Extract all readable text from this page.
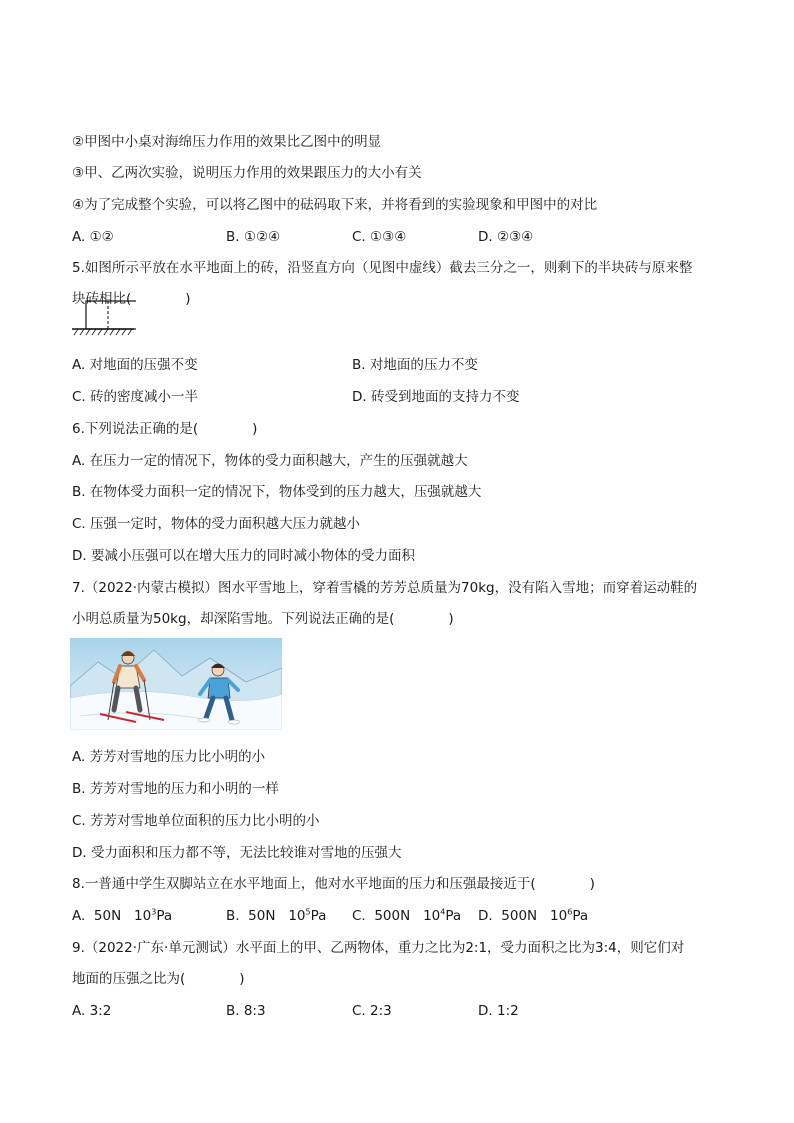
②甲图中小桌对海绵压力作用的效果比乙图中的明显
③甲、乙两次实验，说明压力作用的效果跟压力的大小有关
④为了完成整个实验，可以将乙图中的砝码取下来，并将看到的实验现象和甲图中的对比
A. ①②	B. ①②④	C. ①③④	D. ②③④
5.如图所示平放在水平地面上的砖，沿竖直方向（见图中虚线）截去三分之一，则剩下的半块砖与原来整
块砖相比(　　　　)
A. 对地面的压强不变	B. 对地面的压力不变
C. 砖的密度减小一半	D. 砖受到地面的支持力不变
6.下列说法正确的是(　　　　)
A. 在压力一定的情况下，物体的受力面积越大，产生的压强就越大
B. 在物体受力面积一定的情况下，物体受到的压力越大，压强就越大
C. 压强一定时，物体的受力面积越大压力就越小
D. 要减小压强可以在增大压力的同时减小物体的受力面积
7.（2022·内蒙古模拟）图水平雪地上，穿着雪橇的芳芳总质量为70kg，没有陷入雪地；而穿着运动鞋的
小明总质量为50kg，却深陷雪地。下列说法正确的是(　　　　)
A. 芳芳对雪地的压力比小明的小
B. 芳芳对雪地的压力和小明的一样
C. 芳芳对雪地单位面积的压力比小明的小
D. 受力面积和压力都不等，无法比较谁对雪地的压强大
8.一普通中学生双脚站立在水平地面上，他对水平地面的压力和压强最接近于(　　　　)
A. 50N $10^3Pa$	B. 50N $10^5Pa$ C. 500N $10^4Pa$ D. 500N $10^6Pa$
9.（2022·广东·单元测试）水平面上的甲、乙两物体，重力之比为2:1，受力面积之比为3:4，则它们对
地面的压强之比为(　　　　)
A. 3:2	B. 8:3	C. 2:3	D. 1:2
